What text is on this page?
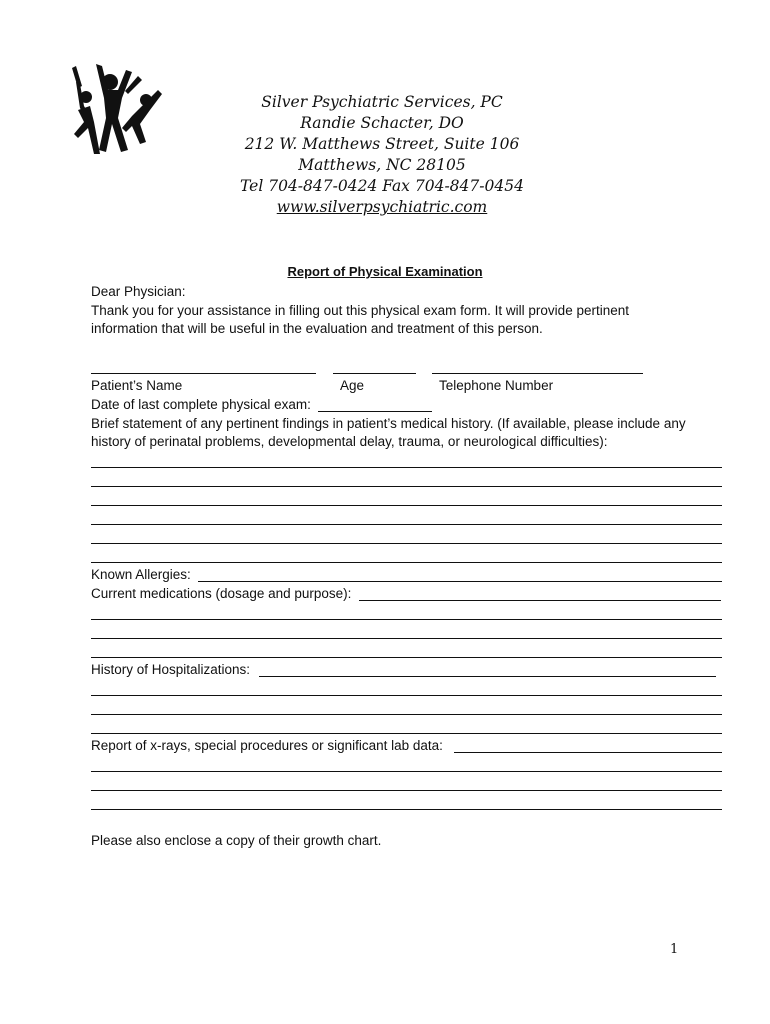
Silver Psychiatric Services, PC
Randie Schacter, DO
212 W. Matthews Street, Suite 106
Matthews, NC 28105
Tel 704-847-0424 Fax 704-847-0454
www.silverpsychiatric.com
Report of Physical Examination
Dear Physician:
Thank you for your assistance in filling out this physical exam form. It will provide pertinent
information that will be useful in the evaluation and treatment of this person.
Patient’s Name	Age	Telephone Number
Date of last complete physical exam:
Brief statement of any pertinent findings in patient’s medical history. (If available, please include any
history of perinatal problems, developmental delay, trauma, or neurological difficulties):
Known Allergies:
Current medications (dosage and purpose):
History of Hospitalizations:
Report of x-rays, special procedures or significant lab data:
Please also enclose a copy of their growth chart.
1
